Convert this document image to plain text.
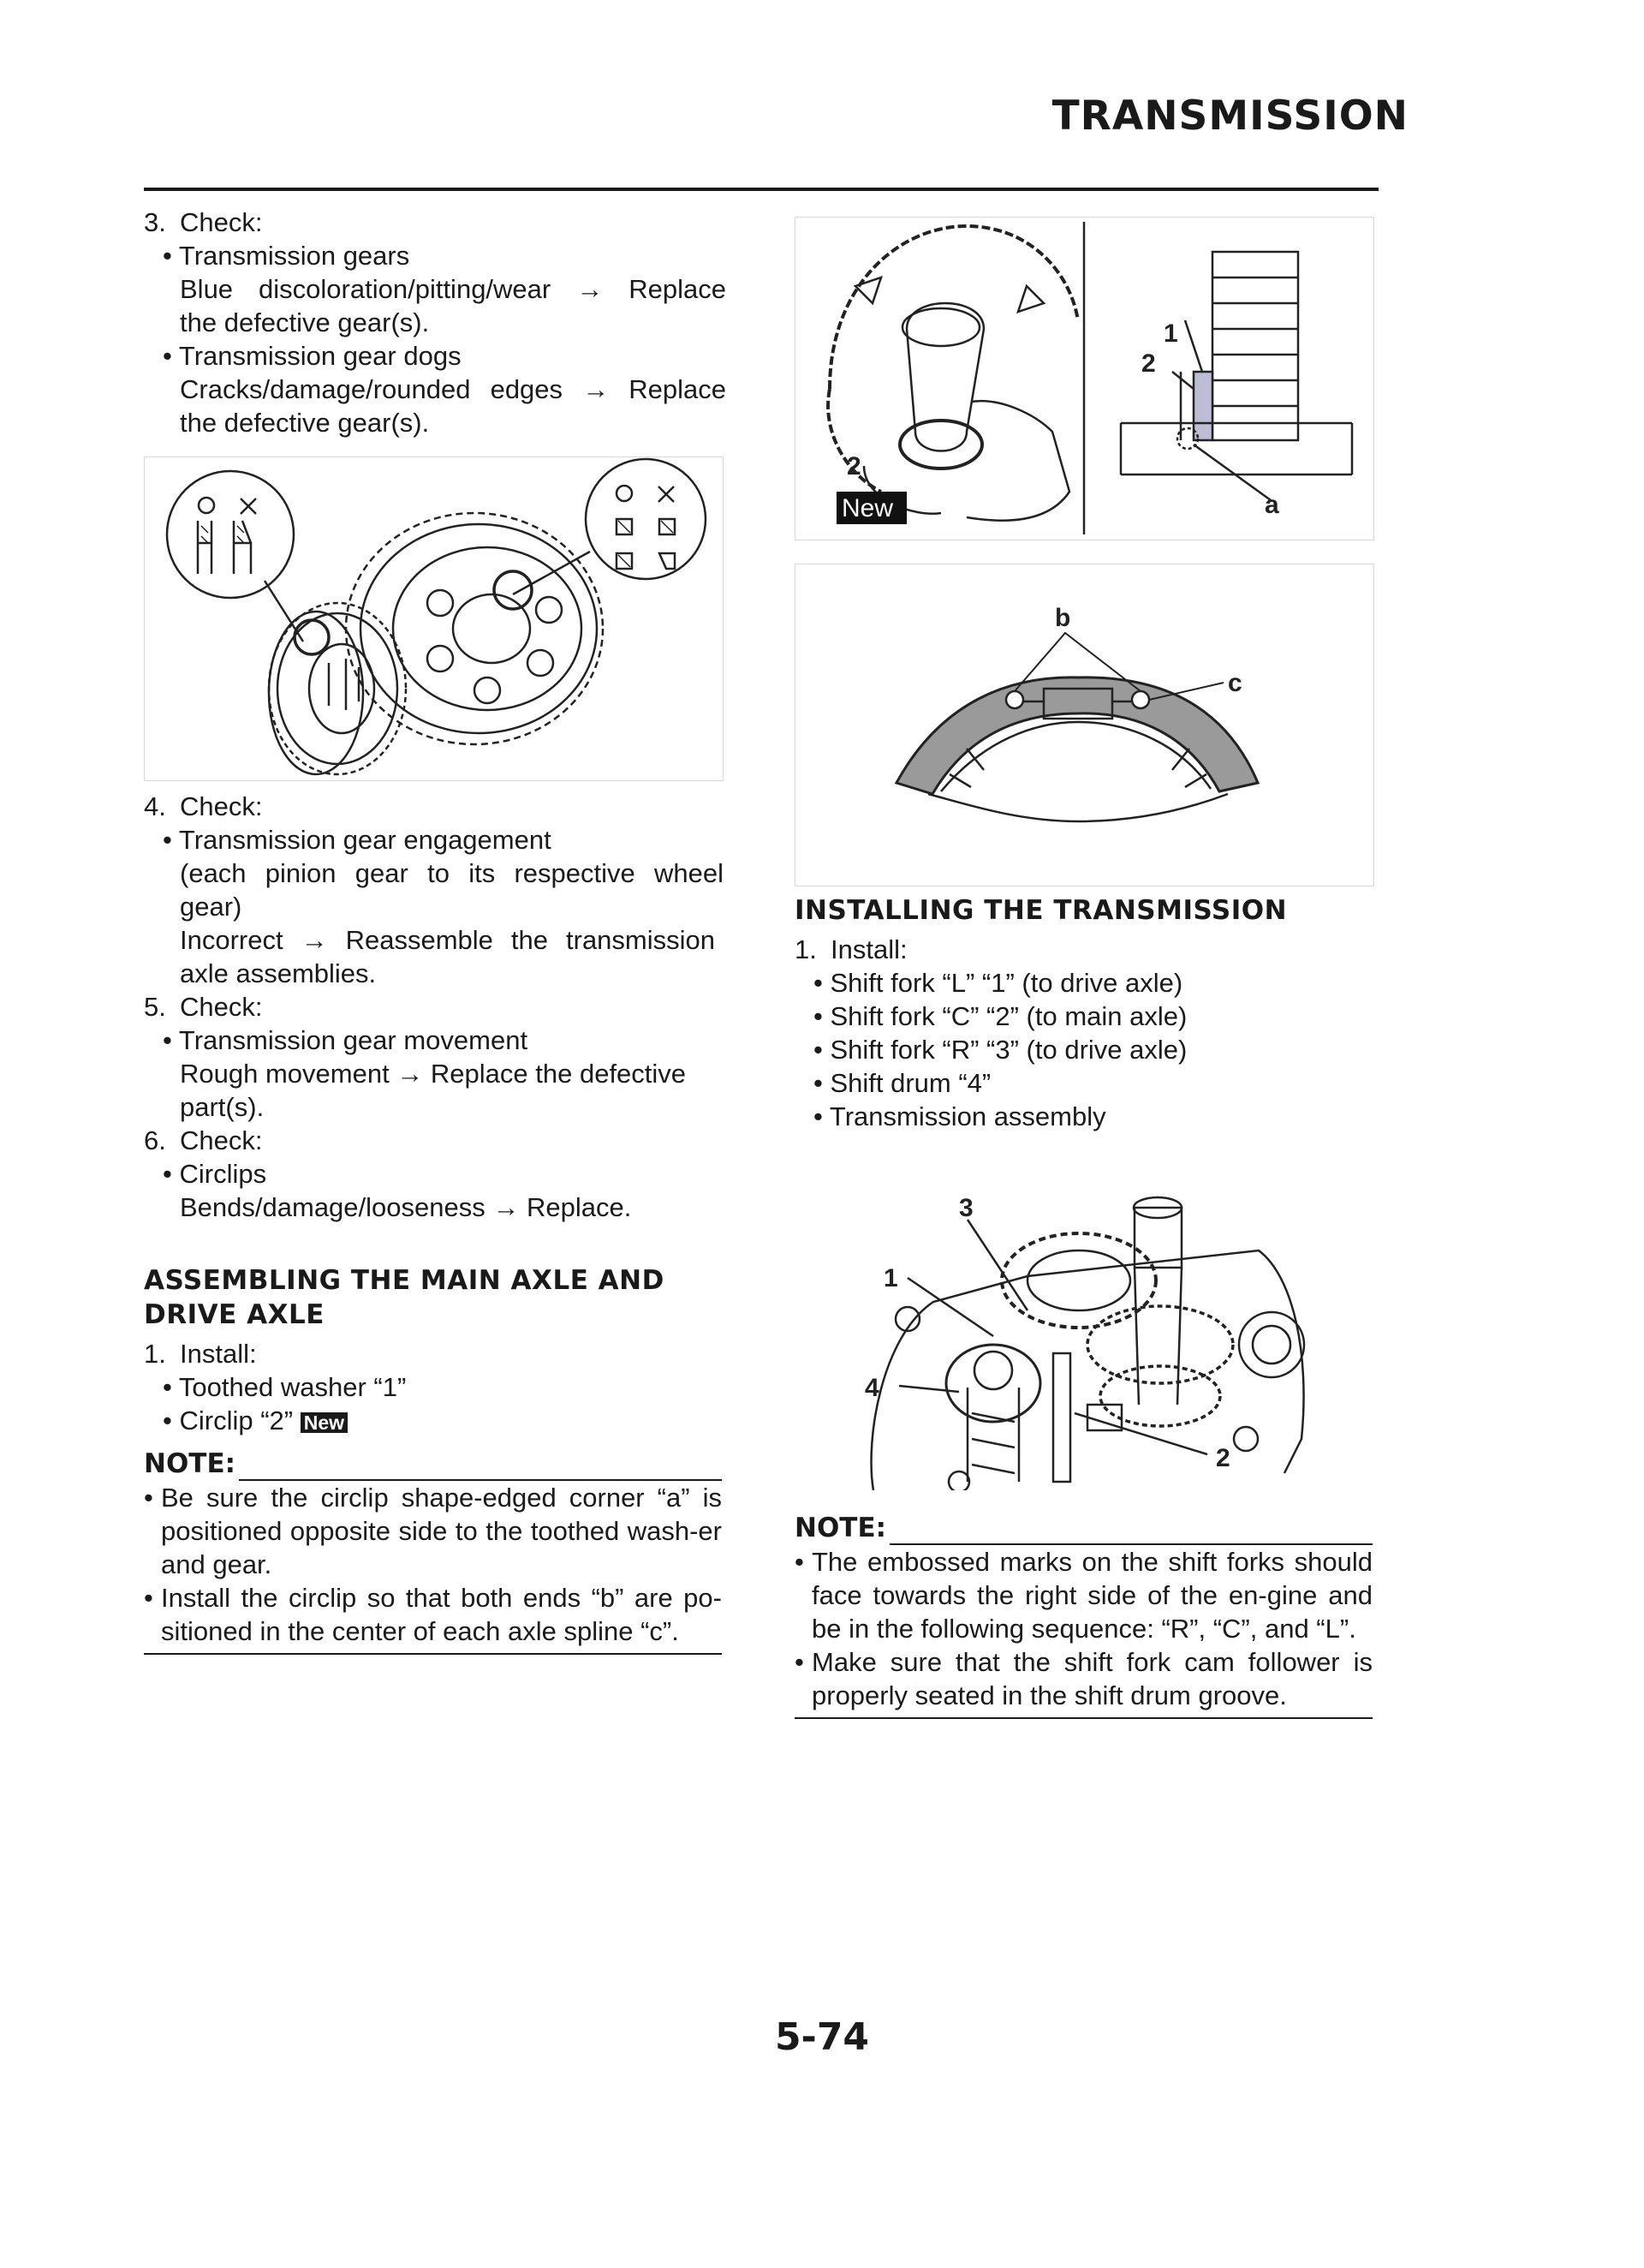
TRANSMISSION
3. Check:
• Transmission gears
Blue discoloration/pitting/wear → Replace
the defective gear(s).
• Transmission gear dogs
Cracks/damage/rounded edges → Replace
the defective gear(s).
4. Check:
• Transmission gear engagement
(each pinion gear to its respective wheel
gear)
Incorrect → Reassemble the transmission
axle assemblies.
5. Check:
• Transmission gear movement
Rough movement → Replace the defective
part(s).
6. Check:
• Circlips
Bends/damage/looseness → Replace.
ASSEMBLING THE MAIN AXLE AND
DRIVE AXLE
1. Install:
• Toothed washer “1”
• Circlip “2” New
NOTE:
• Be sure the circlip shape-edged corner “a” is positioned opposite side to the toothed wash-er and gear.
• Install the circlip so that both ends “b” are po-sitioned in the center of each axle spline “c”.
2
1
2
a
New
b
c
INSTALLING THE TRANSMISSION
1. Install:
• Shift fork “L” “1” (to drive axle)
• Shift fork “C” “2” (to main axle)
• Shift fork “R” “3” (to drive axle)
• Shift drum “4”
• Transmission assembly
3
1
4
2
NOTE:
• The embossed marks on the shift forks should face towards the right side of the en-gine and be in the following sequence: “R”, “C”, and “L”.
• Make sure that the shift fork cam follower is properly seated in the shift drum groove.
5-74
